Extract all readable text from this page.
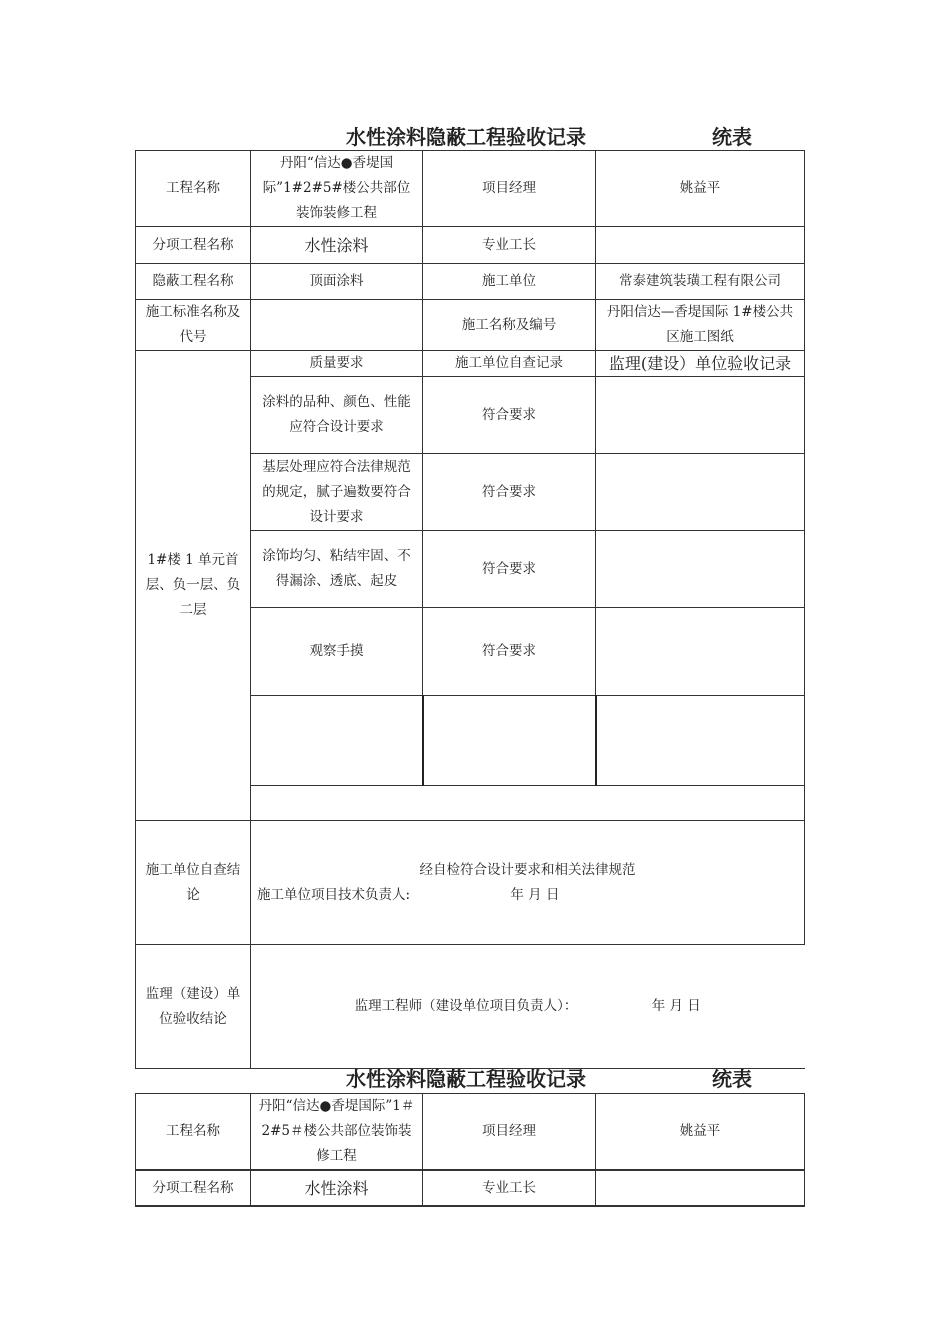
水性涂料隐蔽工程验收记录	统表
工程名称	丹阳“信达●香堤国际”1#2#5#楼公共部位装饰装修工程	项目经理	姚益平
分项工程名称	水性涂料	专业工长	
隐蔽工程名称	顶面涂料	施工单位	常泰建筑装璜工程有限公司
施工标准名称及代号		施工名称及编号	丹阳信达—香堤国际 1#楼公共区施工图纸
1#楼 1 单元首层、负一层、负二层	质量要求	施工单位自查记录	监理(建设）单位验收记录
	涂料的品种、颜色、性能应符合设计要求	符合要求	
	基层处理应符合法律规范的规定，腻子遍数要符合设计要求	符合要求	
	涂饰均匀、粘结牢固、不得漏涂、透底、起皮	符合要求	
	观察手摸	符合要求	

施工单位自查结论	经自检符合设计要求和相关法律规范
施工单位项目技术负责人: 年 月 日		

监理（建设）单位验收结论	监理工程师（建设单位项目负责人）： 年 月 日		
水性涂料隐蔽工程验收记录	统表
工程名称	丹阳“信达●香堤国际”1＃2#5＃楼公共部位装饰装修工程	项目经理	姚益平
分项工程名称	水性涂料	专业工长	
